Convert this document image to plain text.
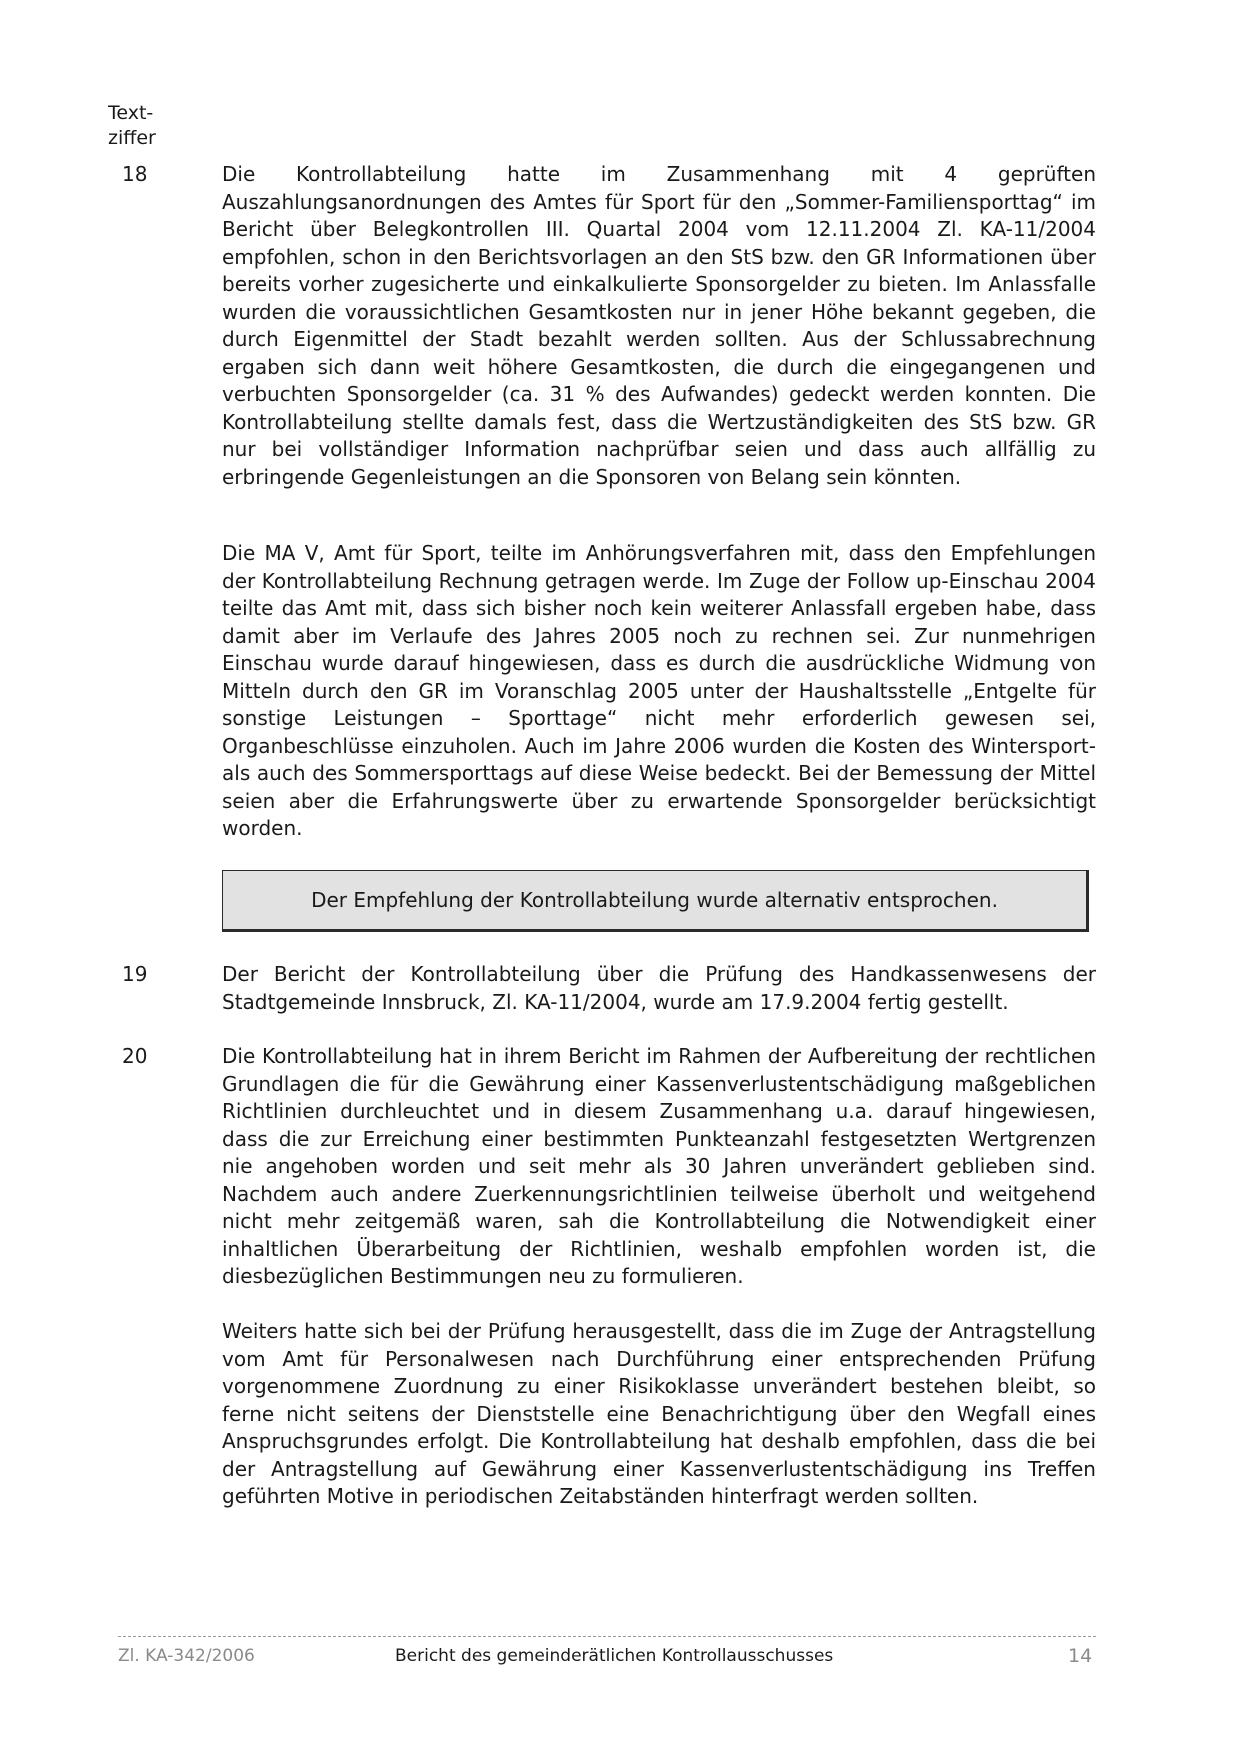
Text-
ziffer
18	Die Kontrollabteilung hatte im Zusammenhang mit 4 geprüften Auszahlungsanordnungen des Amtes für Sport für den „Sommer-Familiensporttag“ im Bericht über Belegkontrollen III. Quartal 2004 vom 12.11.2004 Zl. KA-11/2004 empfohlen, schon in den Berichtsvorlagen an den StS bzw. den GR Informationen über bereits vorher zugesicherte und einkalkulierte Sponsorgelder zu bieten. Im Anlassfalle wurden die voraussichtlichen Gesamtkosten nur in jener Höhe bekannt gegeben, die durch Eigenmittel der Stadt bezahlt werden sollten. Aus der Schlussabrechnung ergaben sich dann weit höhere Gesamtkosten, die durch die eingegangenen und verbuchten Sponsorgelder (ca. 31 % des Aufwandes) gedeckt werden konnten. Die Kontrollabteilung stellte damals fest, dass die Wertzuständigkeiten des StS bzw. GR nur bei vollständiger Information nachprüfbar seien und dass auch allfällig zu erbringende Gegenleistungen an die Sponsoren von Belang sein könnten.

Die MA V, Amt für Sport, teilte im Anhörungsverfahren mit, dass den Empfehlungen der Kontrollabteilung Rechnung getragen werde. Im Zuge der Follow up-Einschau 2004 teilte das Amt mit, dass sich bisher noch kein weiterer Anlassfall ergeben habe, dass damit aber im Verlaufe des Jahres 2005 noch zu rechnen sei. Zur nunmehrigen Einschau wurde darauf hingewiesen, dass es durch die ausdrückliche Widmung von Mitteln durch den GR im Voranschlag 2005 unter der Haushaltsstelle „Entgelte für sonstige Leistungen – Sporttage“ nicht mehr erforderlich gewesen sei, Organbeschlüsse einzuholen. Auch im Jahre 2006 wurden die Kosten des Wintersport- als auch des Sommersporttags auf diese Weise bedeckt. Bei der Bemessung der Mittel seien aber die Erfahrungswerte über zu erwartende Sponsorgelder berücksichtigt worden.

Der Empfehlung der Kontrollabteilung wurde alternativ entsprochen.
19	Der Bericht der Kontrollabteilung über die Prüfung des Handkassenwesens der Stadtgemeinde Innsbruck, Zl. KA-11/2004, wurde am 17.9.2004 fertig gestellt.

20	Die Kontrollabteilung hat in ihrem Bericht im Rahmen der Aufbereitung der rechtlichen Grundlagen die für die Gewährung einer Kassenverlustentschädigung maßgeblichen Richtlinien durchleuchtet und in diesem Zusammenhang u.a. darauf hingewiesen, dass die zur Erreichung einer bestimmten Punkteanzahl festgesetzten Wertgrenzen nie angehoben worden und seit mehr als 30 Jahren unverändert geblieben sind. Nachdem auch andere Zuerkennungsrichtlinien teilweise überholt und weitgehend nicht mehr zeitgemäß waren, sah die Kontrollabteilung die Notwendigkeit einer inhaltlichen Überarbeitung der Richtlinien, weshalb empfohlen worden ist, die diesbezüglichen Bestimmungen neu zu formulieren.

Weiters hatte sich bei der Prüfung herausgestellt, dass die im Zuge der Antragstellung vom Amt für Personalwesen nach Durchführung einer entsprechenden Prüfung vorgenommene Zuordnung zu einer Risikoklasse unverändert bestehen bleibt, so ferne nicht seitens der Dienststelle eine Benachrichtigung über den Wegfall eines Anspruchsgrundes erfolgt. Die Kontrollabteilung hat deshalb empfohlen, dass die bei der Antragstellung auf Gewährung einer Kassenverlustentschädigung ins Treffen geführten Motive in periodischen Zeitabständen hinterfragt werden sollten.

Zl. KA-342/2006	Bericht des gemeinderätlichen Kontrollausschusses	14
